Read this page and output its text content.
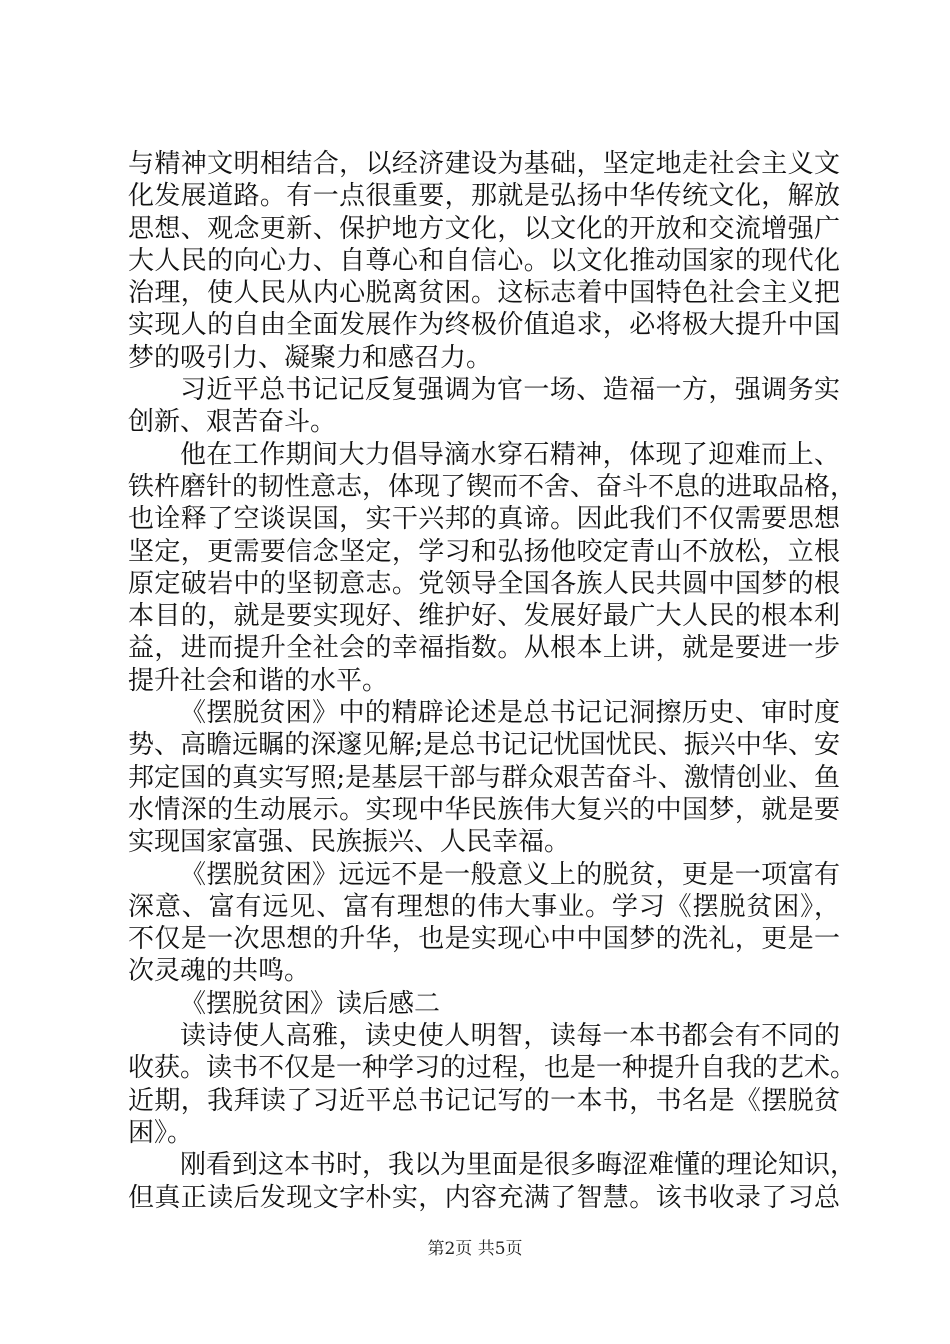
与精神文明相结合，以经济建设为基础，坚定地走社会主义文
化发展道路。有一点很重要，那就是弘扬中华传统文化，解放
思想、观念更新、保护地方文化，以文化的开放和交流增强广
大人民的向心力、自尊心和自信心。以文化推动国家的现代化
治理，使人民从内心脱离贫困。这标志着中国特色社会主义把
实现人的自由全面发展作为终极价值追求，必将极大提升中国
梦的吸引力、凝聚力和感召力。
习近平总书记记反复强调为官一场、造福一方，强调务实
创新、艰苦奋斗。
他在工作期间大力倡导滴水穿石精神，体现了迎难而上、
铁杵磨针的韧性意志，体现了锲而不舍、奋斗不息的进取品格，
也诠释了空谈误国，实干兴邦的真谛。因此我们不仅需要思想
坚定，更需要信念坚定，学习和弘扬他咬定青山不放松，立根
原定破岩中的坚韧意志。党领导全国各族人民共圆中国梦的根
本目的，就是要实现好、维护好、发展好最广大人民的根本利
益，进而提升全社会的幸福指数。从根本上讲，就是要进一步
提升社会和谐的水平。
《摆脱贫困》中的精辟论述是总书记记洞擦历史、审时度
势、高瞻远瞩的深邃见解;是总书记记忧国忧民、振兴中华、安
邦定国的真实写照;是基层干部与群众艰苦奋斗、激情创业、鱼
水情深的生动展示。实现中华民族伟大复兴的中国梦，就是要
实现国家富强、民族振兴、人民幸福。
《摆脱贫困》远远不是一般意义上的脱贫，更是一项富有
深意、富有远见、富有理想的伟大事业。学习《摆脱贫困》，
不仅是一次思想的升华，也是实现心中中国梦的洗礼，更是一
次灵魂的共鸣。
《摆脱贫困》读后感二
读诗使人高雅，读史使人明智，读每一本书都会有不同的
收获。读书不仅是一种学习的过程，也是一种提升自我的艺术。
近期，我拜读了习近平总书记记写的一本书，书名是《摆脱贫
困》。
刚看到这本书时，我以为里面是很多晦涩难懂的理论知识，
但真正读后发现文字朴实，内容充满了智慧。该书收录了习总
第2页 共5页
